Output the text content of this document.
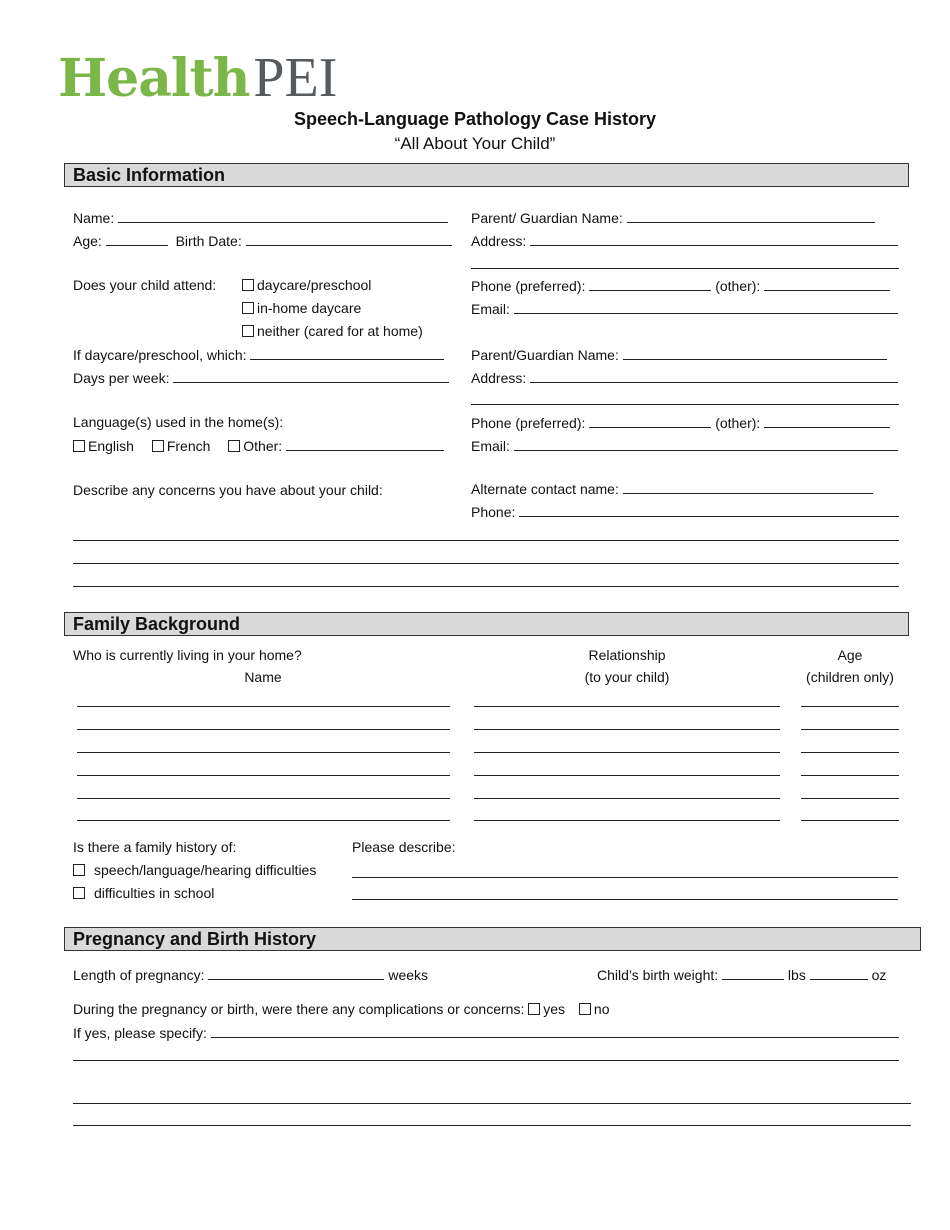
Health PEI
Speech-Language Pathology Case History
“All About Your Child”
Basic Information
Name:
Age:	Birth Date:
Does your child attend:	daycare/preschool
in-home daycare
neither (cared for at home)
If daycare/preschool, which:
Days per week:
Language(s) used in the home(s):
English French Other:
Describe any concerns you have about your child:
Parent/ Guardian Name:
Address:
Phone (preferred):	(other):
Email:
Parent/Guardian Name:
Address:
Phone (preferred):	(other):
Email:
Alternate contact name:
Phone:
Family Background
Who is currently living in your home?
Name
Relationship
(to your child)
Age
(children only)
Is there a family history of:
speech/language/hearing difficulties
difficulties in school
Please describe:
Pregnancy and Birth History
Length of pregnancy:	weeks	Child’s birth weight:	lbs	oz
During the pregnancy or birth, were there any complications or concerns: yes no
If yes, please specify:
